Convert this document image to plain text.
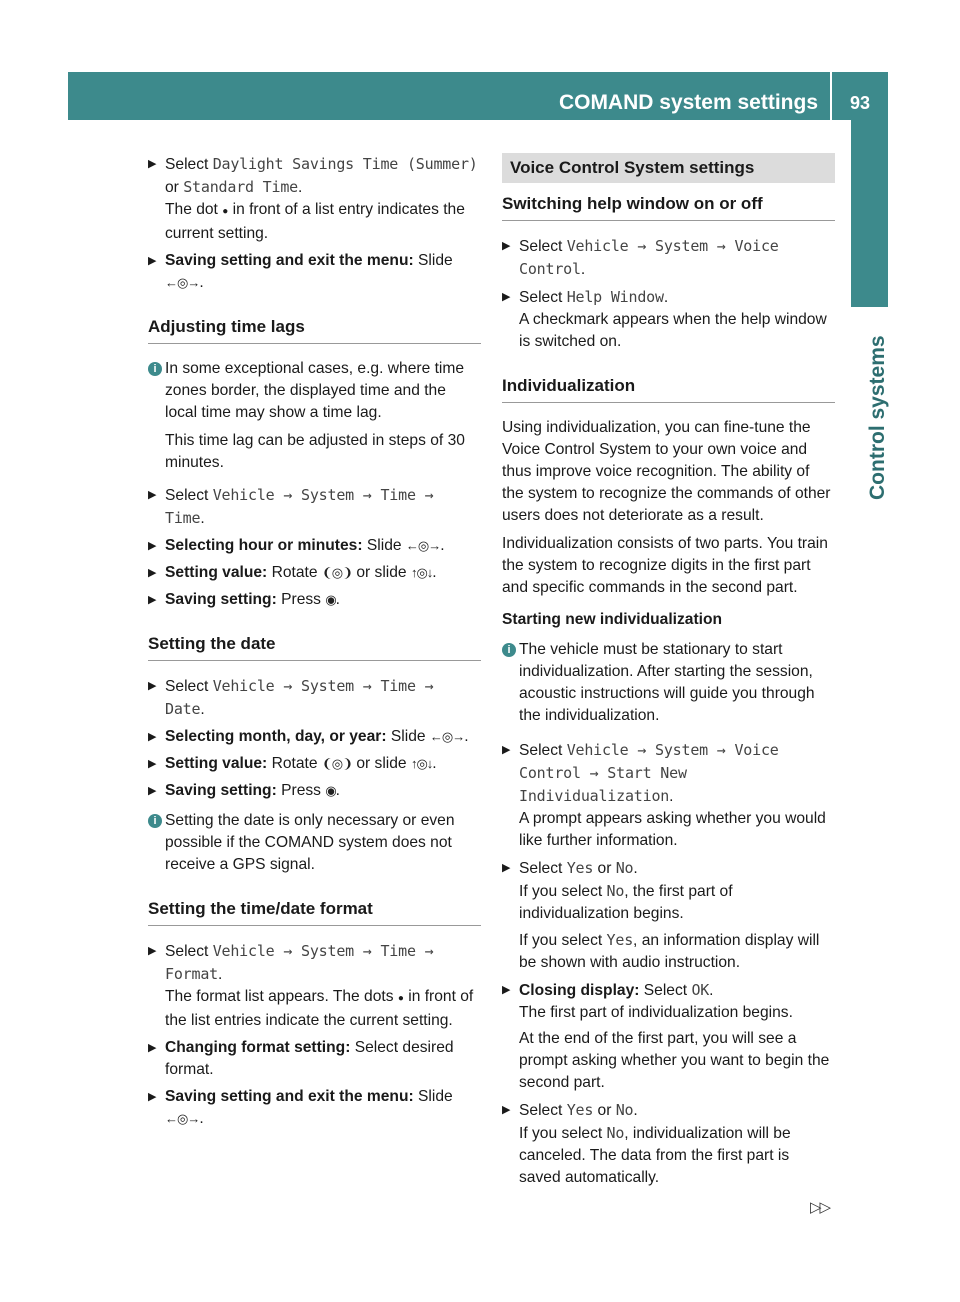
COMAND system settings 93
Control systems
▶ Select Daylight Savings Time (Summer) or Standard Time.
The dot ● in front of a list entry indicates the current setting.
▶ Saving setting and exit the menu: Slide ←◎→.
Adjusting time lags
i In some exceptional cases, e.g. where time zones border, the displayed time and the local time may show a time lag.
This time lag can be adjusted in steps of 30 minutes.
▶ Select Vehicle → System → Time → Time.
▶ Selecting hour or minutes: Slide ←◎→.
▶ Setting value: Rotate ❨◎❩ or slide ↑◎↓.
▶ Saving setting: Press ◉.
Setting the date
▶ Select Vehicle → System → Time → Date.
▶ Selecting month, day, or year: Slide ←◎→.
▶ Setting value: Rotate ❨◎❩ or slide ↑◎↓.
▶ Saving setting: Press ◉.
i Setting the date is only necessary or even possible if the COMAND system does not receive a GPS signal.
Setting the time/date format
▶ Select Vehicle → System → Time → Format.
The format list appears. The dots ● in front of the list entries indicate the current setting.
▶ Changing format setting: Select desired format.
▶ Saving setting and exit the menu: Slide ←◎→.
Voice Control System settings
Switching help window on or off
▶ Select Vehicle → System → Voice Control.
▶ Select Help Window.
A checkmark appears when the help window is switched on.
Individualization
Using individualization, you can fine-tune the Voice Control System to your own voice and thus improve voice recognition. The ability of the system to recognize the commands of other users does not deteriorate as a result.
Individualization consists of two parts. You train the system to recognize digits in the first part and specific commands in the second part.
Starting new individualization
i The vehicle must be stationary to start individualization. After starting the session, acoustic instructions will guide you through the individualization.
▶ Select Vehicle → System → Voice Control → Start New Individualization.
A prompt appears asking whether you would like further information.
▶ Select Yes or No.
If you select No, the first part of individualization begins.
If you select Yes, an information display will be shown with audio instruction.
▶ Closing display: Select OK.
The first part of individualization begins.
At the end of the first part, you will see a prompt asking whether you want to begin the second part.
▶ Select Yes or No.
If you select No, individualization will be canceled. The data from the first part is saved automatically.
▷▷
